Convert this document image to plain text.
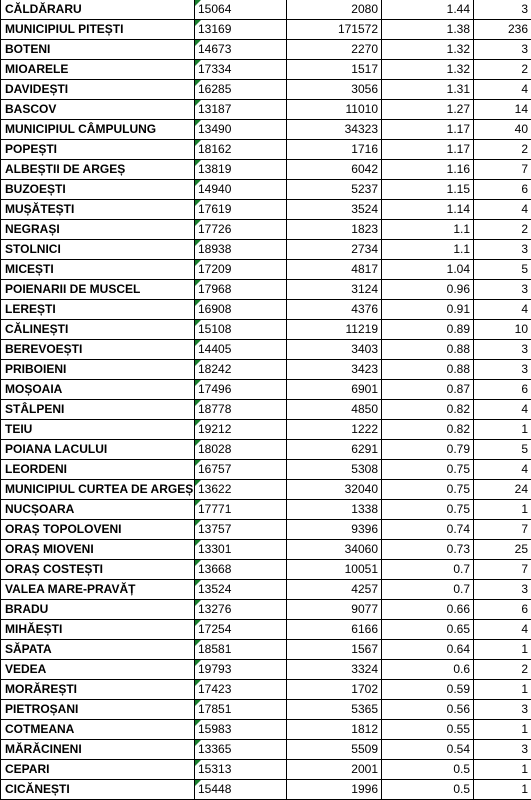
CĂLDĂRARU	15064	2080	1.44	3
MUNICIPIUL PITEȘTI	13169	171572	1.38	236
BOTENI	14673	2270	1.32	3
MIOARELE	17334	1517	1.32	2
DAVIDEȘTI	16285	3056	1.31	4
BASCOV	13187	11010	1.27	14
MUNICIPIUL CÂMPULUNG	13490	34323	1.17	40
POPEȘTI	18162	1716	1.17	2
ALBEȘTII DE ARGEȘ	13819	6042	1.16	7
BUZOEȘTI	14940	5237	1.15	6
MUȘĂTEȘTI	17619	3524	1.14	4
NEGRAȘI	17726	1823	1.1	2
STOLNICI	18938	2734	1.1	3
MICEȘTI	17209	4817	1.04	5
POIENARII DE MUSCEL	17968	3124	0.96	3
LEREȘTI	16908	4376	0.91	4
CĂLINEȘTI	15108	11219	0.89	10
BEREVOEȘTI	14405	3403	0.88	3
PRIBOIENI	18242	3423	0.88	3
MOȘOAIA	17496	6901	0.87	6
STÂLPENI	18778	4850	0.82	4
TEIU	19212	1222	0.82	1
POIANA LACULUI	18028	6291	0.79	5
LEORDENI	16757	5308	0.75	4
MUNICIPIUL CURTEA DE ARGEȘ	13622	32040	0.75	24
NUCȘOARA	17771	1338	0.75	1
ORAȘ TOPOLOVENI	13757	9396	0.74	7
ORAȘ MIOVENI	13301	34060	0.73	25
ORAȘ COSTEȘTI	13668	10051	0.7	7
VALEA MARE-PRAVĂȚ	13524	4257	0.7	3
BRADU	13276	9077	0.66	6
MIHĂEȘTI	17254	6166	0.65	4
SĂPATA	18581	1567	0.64	1
VEDEA	19793	3324	0.6	2
MORĂREȘTI	17423	1702	0.59	1
PIETROȘANI	17851	5365	0.56	3
COTMEANA	15983	1812	0.55	1
MĂRĂCINENI	13365	5509	0.54	3
CEPARI	15313	2001	0.5	1
CICĂNEȘTI	15448	1996	0.5	1
